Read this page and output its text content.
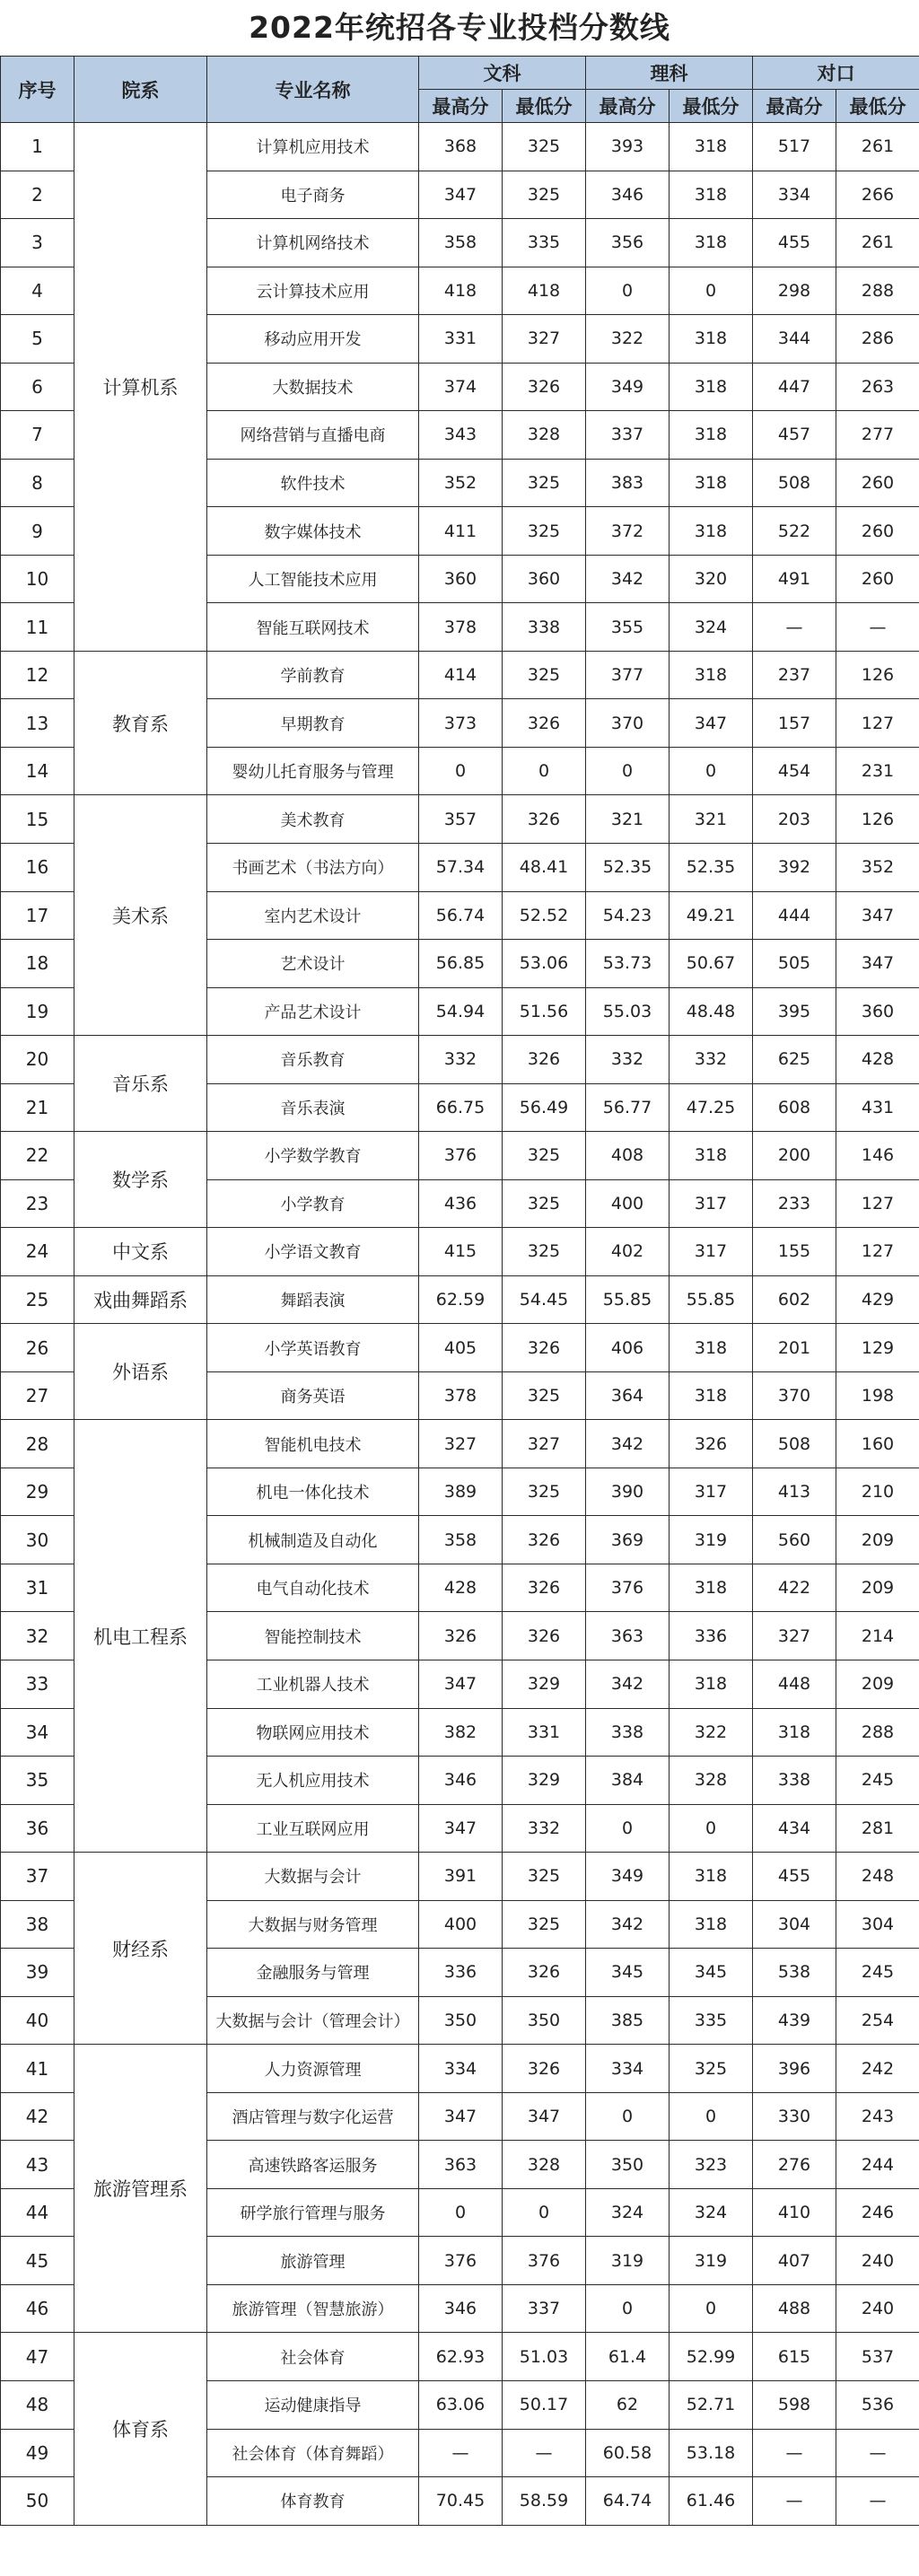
2022年统招各专业投档分数线
序号	院系	专业名称	文科		理科		对口	
			最高分	最低分	最高分	最低分	最高分	最低分
1	计算机系	计算机应用技术	368	325	393	318	517	261
2		电子商务	347	325	346	318	334	266
3		计算机网络技术	358	335	356	318	455	261
4		云计算技术应用	418	418	0	0	298	288
5		移动应用开发	331	327	322	318	344	286
6		大数据技术	374	326	349	318	447	263
7		网络营销与直播电商	343	328	337	318	457	277
8		软件技术	352	325	383	318	508	260
9		数字媒体技术	411	325	372	318	522	260
10		人工智能技术应用	360	360	342	320	491	260
11		智能互联网技术	378	338	355	324	—	—
12	教育系	学前教育	414	325	377	318	237	126
13		早期教育	373	326	370	347	157	127
14		婴幼儿托育服务与管理	0	0	0	0	454	231
15	美术系	美术教育	357	326	321	321	203	126
16		书画艺术（书法方向）	57.34	48.41	52.35	52.35	392	352
17		室内艺术设计	56.74	52.52	54.23	49.21	444	347
18		艺术设计	56.85	53.06	53.73	50.67	505	347
19		产品艺术设计	54.94	51.56	55.03	48.48	395	360
20	音乐系	音乐教育	332	326	332	332	625	428
21		音乐表演	66.75	56.49	56.77	47.25	608	431
22	数学系	小学数学教育	376	325	408	318	200	146
23		小学教育	436	325	400	317	233	127
24	中文系	小学语文教育	415	325	402	317	155	127
25	戏曲舞蹈系	舞蹈表演	62.59	54.45	55.85	55.85	602	429
26	外语系	小学英语教育	405	326	406	318	201	129
27		商务英语	378	325	364	318	370	198
28	机电工程系	智能机电技术	327	327	342	326	508	160
29		机电一体化技术	389	325	390	317	413	210
30		机械制造及自动化	358	326	369	319	560	209
31		电气自动化技术	428	326	376	318	422	209
32		智能控制技术	326	326	363	336	327	214
33		工业机器人技术	347	329	342	318	448	209
34		物联网应用技术	382	331	338	322	318	288
35		无人机应用技术	346	329	384	328	338	245
36		工业互联网应用	347	332	0	0	434	281
37	财经系	大数据与会计	391	325	349	318	455	248
38		大数据与财务管理	400	325	342	318	304	304
39		金融服务与管理	336	326	345	345	538	245
40		大数据与会计（管理会计）	350	350	385	335	439	254
41	旅游管理系	人力资源管理	334	326	334	325	396	242
42		酒店管理与数字化运营	347	347	0	0	330	243
43		高速铁路客运服务	363	328	350	323	276	244
44		研学旅行管理与服务	0	0	324	324	410	246
45		旅游管理	376	376	319	319	407	240
46		旅游管理（智慧旅游）	346	337	0	0	488	240
47	体育系	社会体育	62.93	51.03	61.4	52.99	615	537
48		运动健康指导	63.06	50.17	62	52.71	598	536
49		社会体育（体育舞蹈）	—	—	60.58	53.18	—	—
50		体育教育	70.45	58.59	64.74	61.46	—	—
